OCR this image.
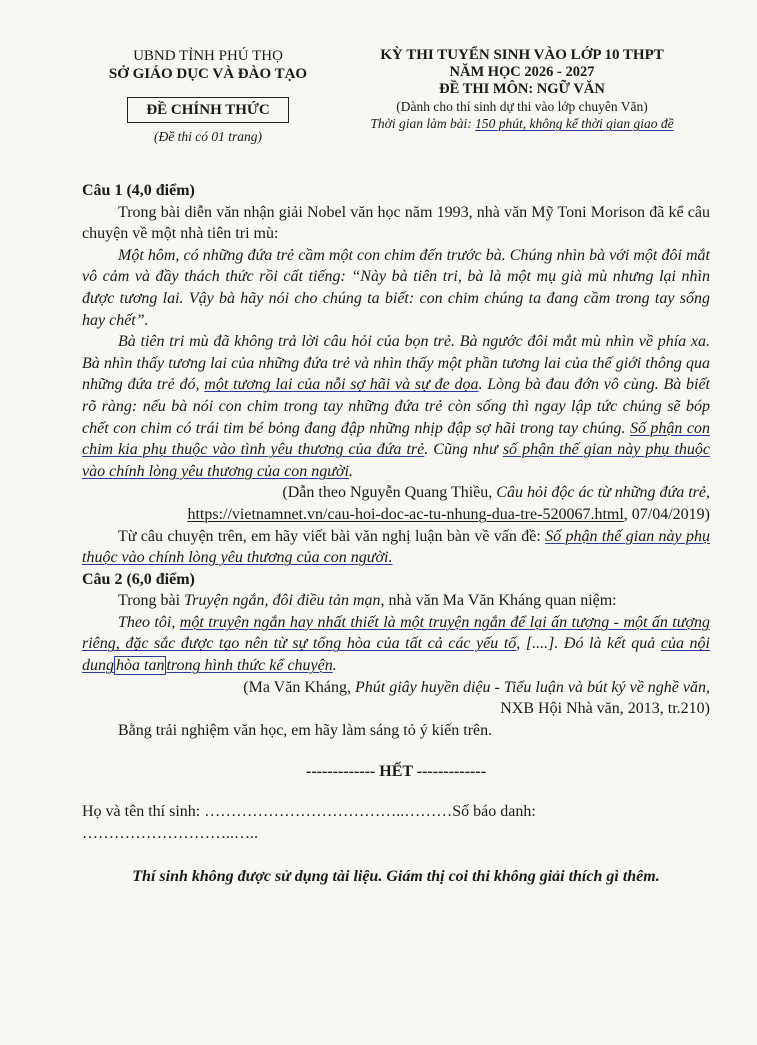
UBND TỈNH PHÚ THỌ
SỞ GIÁO DỤC VÀ ĐÀO TẠO
ĐỀ CHÍNH THỨC
(Đề thi có 01 trang)
KỲ THI TUYỂN SINH VÀO LỚP 10 THPT
NĂM HỌC 2026 - 2027
ĐỀ THI MÔN: NGỮ VĂN
(Dành cho thí sinh dự thi vào lớp chuyên Văn)
Thời gian làm bài: 150 phút, không kể thời gian giao đề

Câu 1 (4,0 điểm)

Trong bài diễn văn nhận giải Nobel văn học năm 1993, nhà văn Mỹ Toni Morison đã kể câu chuyện về một nhà tiên tri mù:

Một hôm, có những đứa trẻ cầm một con chim đến trước bà. Chúng nhìn bà với một đôi mắt vô cảm và đầy thách thức rồi cất tiếng: “Này bà tiên tri, bà là một mụ già mù nhưng lại nhìn được tương lai. Vậy bà hãy nói cho chúng ta biết: con chim chúng ta đang cầm trong tay sống hay chết”.

Bà tiên tri mù đã không trả lời câu hỏi của bọn trẻ. Bà ngước đôi mắt mù nhìn về phía xa. Bà nhìn thấy tương lai của những đứa trẻ và nhìn thấy một phần tương lai của thế giới thông qua những đứa trẻ đó, một tương lai của nỗi sợ hãi và sự đe dọa. Lòng bà đau đớn vô cùng. Bà biết rõ ràng: nếu bà nói con chim trong tay những đứa trẻ còn sống thì ngay lập tức chúng sẽ bóp chết con chim có trái tim bé bỏng đang đập những nhịp đập sợ hãi trong tay chúng. Số phận con chim kia phụ thuộc vào tình yêu thương của đứa trẻ. Cũng như số phận thế gian này phụ thuộc vào chính lòng yêu thương của con người.

(Dẫn theo Nguyễn Quang Thiều, Câu hỏi độc ác từ những đứa trẻ,

https://vietnamnet.vn/cau-hoi-doc-ac-tu-nhung-dua-tre-520067.html, 07/04/2019)

Từ câu chuyện trên, em hãy viết bài văn nghị luận bàn về vấn đề: Số phận thế gian này phụ thuộc vào chính lòng yêu thương của con người.

Câu 2 (6,0 điểm)

Trong bài Truyện ngắn, đôi điều tản mạn, nhà văn Ma Văn Kháng quan niệm:

Theo tôi, một truyện ngắn hay nhất thiết là một truyện ngắn để lại ấn tượng - một ấn tượng riêng, đặc sắc được tạo nên từ sự tổng hòa của tất cả các yếu tố, [....]. Đó là kết quả của nội dung hòa tan trong hình thức kể chuyện.

(Ma Văn Kháng, Phút giây huyền diệu - Tiểu luận và bút ký về nghề văn,

NXB Hội Nhà văn, 2013, tr.210)

Bằng trải nghiệm văn học, em hãy làm sáng tỏ ý kiến trên.

------------- HẾT -------------

Họ và tên thí sinh: ………………………………..………Số báo danh: ………………………..…..

Thí sinh không được sử dụng tài liệu. Giám thị coi thi không giải thích gì thêm.
